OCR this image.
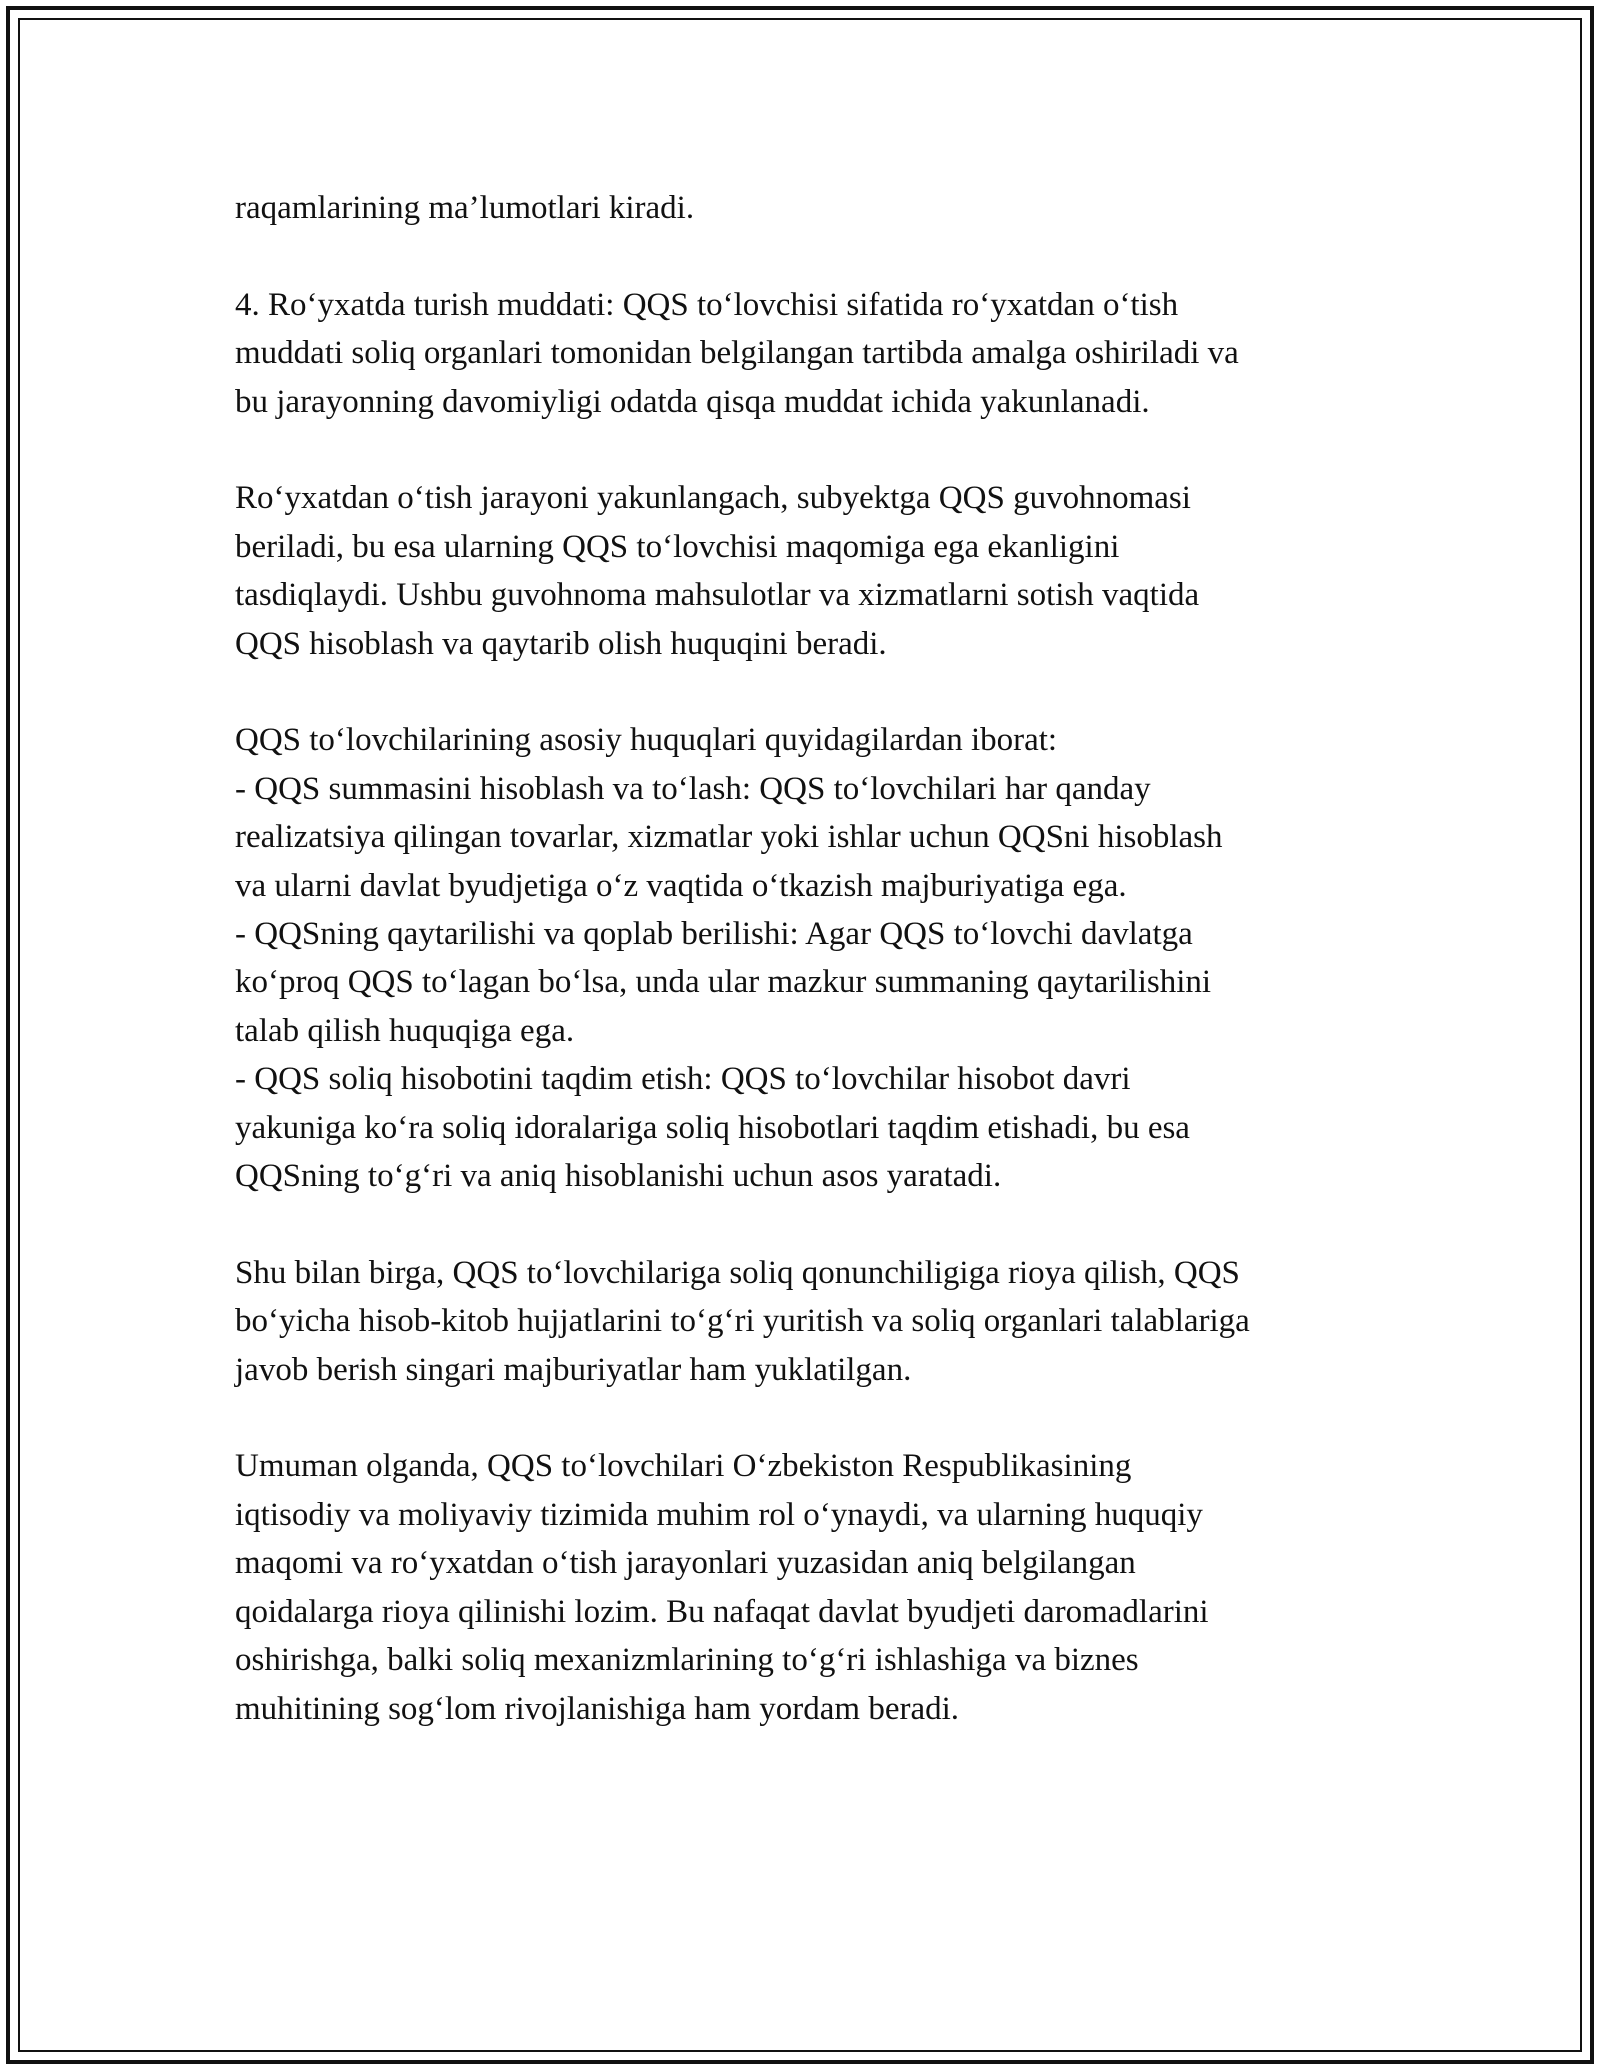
raqamlarining ma’lumotlari kiradi.

4. Ro‘yxatda turish muddati: QQS to‘lovchisi sifatida ro‘yxatdan o‘tish
muddati soliq organlari tomonidan belgilangan tartibda amalga oshiriladi va
bu jarayonning davomiyligi odatda qisqa muddat ichida yakunlanadi.

Ro‘yxatdan o‘tish jarayoni yakunlangach, subyektga QQS guvohnomasi
beriladi, bu esa ularning QQS to‘lovchisi maqomiga ega ekanligini
tasdiqlaydi. Ushbu guvohnoma mahsulotlar va xizmatlarni sotish vaqtida
QQS hisoblash va qaytarib olish huquqini beradi.

QQS to‘lovchilarining asosiy huquqlari quyidagilardan iborat:
- QQS summasini hisoblash va to‘lash: QQS to‘lovchilari har qanday
realizatsiya qilingan tovarlar, xizmatlar yoki ishlar uchun QQSni hisoblash
va ularni davlat byudjetiga o‘z vaqtida o‘tkazish majburiyatiga ega.
- QQSning qaytarilishi va qoplab berilishi: Agar QQS to‘lovchi davlatga
ko‘proq QQS to‘lagan bo‘lsa, unda ular mazkur summaning qaytarilishini
talab qilish huquqiga ega.
- QQS soliq hisobotini taqdim etish: QQS to‘lovchilar hisobot davri
yakuniga ko‘ra soliq idoralariga soliq hisobotlari taqdim etishadi, bu esa
QQSning to‘g‘ri va aniq hisoblanishi uchun asos yaratadi.

Shu bilan birga, QQS to‘lovchilariga soliq qonunchiligiga rioya qilish, QQS
bo‘yicha hisob-kitob hujjatlarini to‘g‘ri yuritish va soliq organlari talablariga
javob berish singari majburiyatlar ham yuklatilgan.

Umuman olganda, QQS to‘lovchilari O‘zbekiston Respublikasining
iqtisodiy va moliyaviy tizimida muhim rol o‘ynaydi, va ularning huquqiy
maqomi va ro‘yxatdan o‘tish jarayonlari yuzasidan aniq belgilangan
qoidalarga rioya qilinishi lozim. Bu nafaqat davlat byudjeti daromadlarini
oshirishga, balki soliq mexanizmlarining to‘g‘ri ishlashiga va biznes
muhitining sog‘lom rivojlanishiga ham yordam beradi.
